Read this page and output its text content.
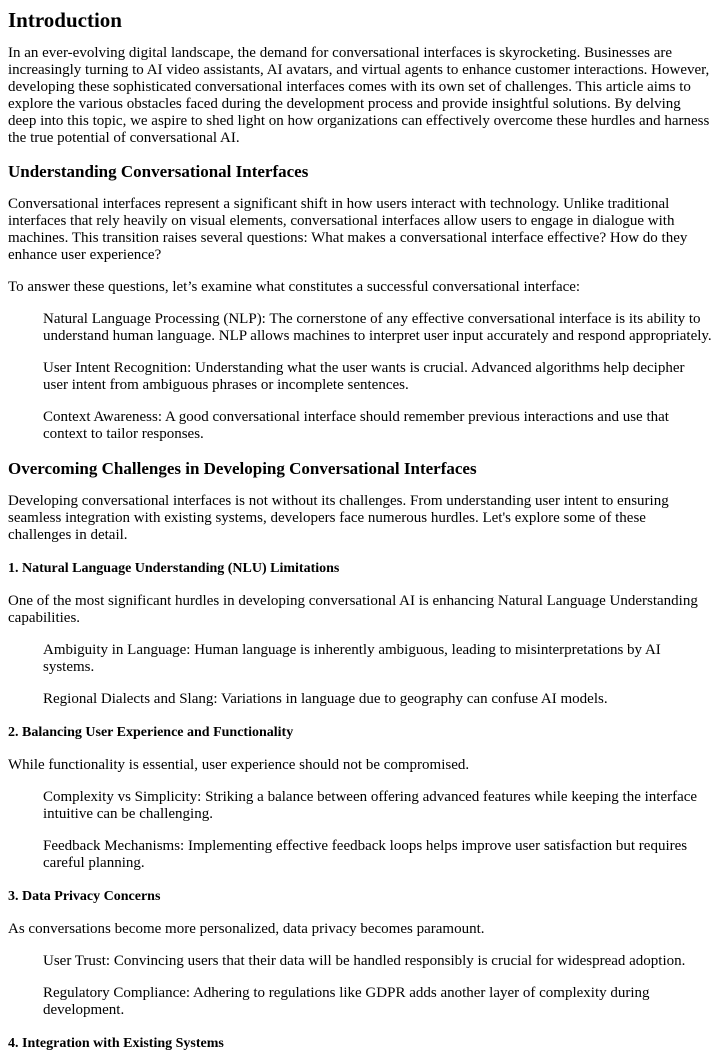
Introduction

In an ever-evolving digital landscape, the demand for conversational interfaces is skyrocketing. Businesses are increasingly turning to AI video assistants, AI avatars, and virtual agents to enhance customer interactions. However, developing these sophisticated conversational interfaces comes with its own set of challenges. This article aims to explore the various obstacles faced during the development process and provide insightful solutions. By delving deep into this topic, we aspire to shed light on how organizations can effectively overcome these hurdles and harness the true potential of conversational AI.

Understanding Conversational Interfaces

Conversational interfaces represent a significant shift in how users interact with technology. Unlike traditional interfaces that rely heavily on visual elements, conversational interfaces allow users to engage in dialogue with machines. This transition raises several questions: What makes a conversational interface effective? How do they enhance user experience?

To answer these questions, let’s examine what constitutes a successful conversational interface:

Natural Language Processing (NLP): The cornerstone of any effective conversational interface is its ability to understand human language. NLP allows machines to interpret user input accurately and respond appropriately.

User Intent Recognition: Understanding what the user wants is crucial. Advanced algorithms help decipher user intent from ambiguous phrases or incomplete sentences.

Context Awareness: A good conversational interface should remember previous interactions and use that context to tailor responses.

Overcoming Challenges in Developing Conversational Interfaces

Developing conversational interfaces is not without its challenges. From understanding user intent to ensuring seamless integration with existing systems, developers face numerous hurdles. Let's explore some of these challenges in detail.

1. Natural Language Understanding (NLU) Limitations

One of the most significant hurdles in developing conversational AI is enhancing Natural Language Understanding capabilities.

Ambiguity in Language: Human language is inherently ambiguous, leading to misinterpretations by AI systems.

Regional Dialects and Slang: Variations in language due to geography can confuse AI models.

2. Balancing User Experience and Functionality

While functionality is essential, user experience should not be compromised.

Complexity vs Simplicity: Striking a balance between offering advanced features while keeping the interface intuitive can be challenging.

Feedback Mechanisms: Implementing effective feedback loops helps improve user satisfaction but requires careful planning.

3. Data Privacy Concerns

As conversations become more personalized, data privacy becomes paramount.

User Trust: Convincing users that their data will be handled responsibly is crucial for widespread adoption.

Regulatory Compliance: Adhering to regulations like GDPR adds another layer of complexity during development.

4. Integration with Existing Systems
